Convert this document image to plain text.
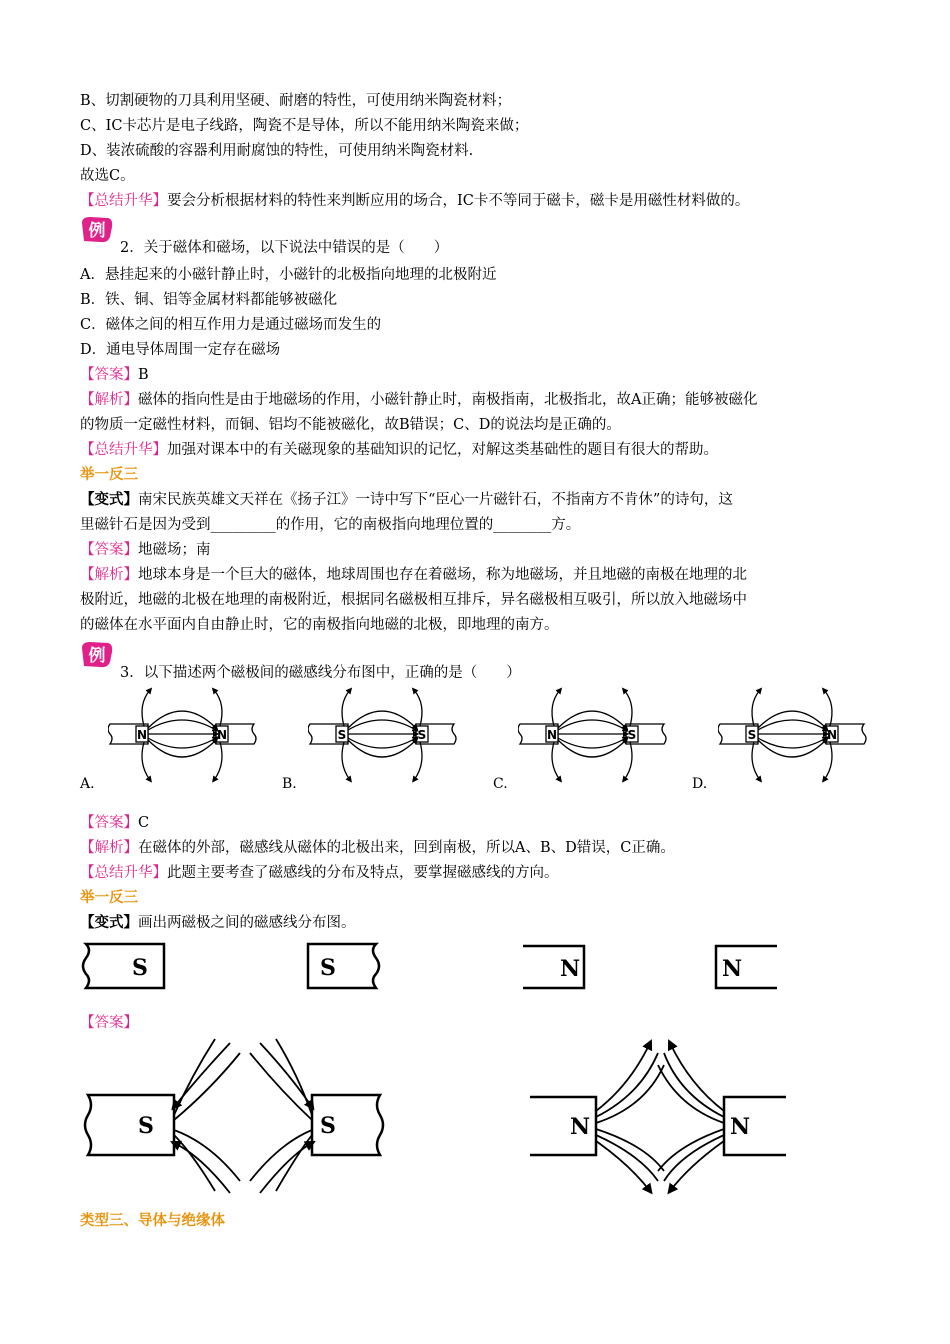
B、切割硬物的刀具利用坚硬、耐磨的特性，可使用纳米陶瓷材料；
C、IC卡芯片是电子线路，陶瓷不是导体，所以不能用纳米陶瓷来做；
D、装浓硫酸的容器利用耐腐蚀的特性，可使用纳米陶瓷材料.
故选C。
【总结升华】要会分析根据材料的特性来判断应用的场合，IC卡不等同于磁卡，磁卡是用磁性材料做的。
例
2．关于磁体和磁场，以下说法中错误的是（　　）
A．悬挂起来的小磁针静止时，小磁针的北极指向地理的北极附近
B．铁、铜、铝等金属材料都能够被磁化
C．磁体之间的相互作用力是通过磁场而发生的
D．通电导体周围一定存在磁场
【答案】B
【解析】磁体的指向性是由于地磁场的作用，小磁针静止时，南极指南，北极指北，故A正确；能够被磁化
的物质一定磁性材料，而铜、铝均不能被磁化，故B错误；C、D的说法均是正确的。
【总结升华】加强对课本中的有关磁现象的基础知识的记忆，对解这类基础性的题目有很大的帮助。
举一反三
【变式】南宋民族英雄文天祥在《扬子江》一诗中写下“臣心一片磁针石，不指南方不肯休”的诗句，这
里磁针石是因为受到_________的作用，它的南极指向地理位置的________方。
【答案】地磁场；南
【解析】地球本身是一个巨大的磁体，地球周围也存在着磁场，称为地磁场，并且地磁的南极在地理的北
极附近，地磁的北极在地理的南极附近，根据同名磁极相互排斥，异名磁极相互吸引，所以放入地磁场中
的磁体在水平面内自由静止时，它的南极指向地磁的北极，即地理的南方。
例
3．以下描述两个磁极间的磁感线分布图中，正确的是（　　）
N	N
A.
S	S
B.
N	S
C.
S	N
D.
【答案】C
【解析】在磁体的外部，磁感线从磁体的北极出来，回到南极，所以A、B、D错误，C正确。
【总结升华】此题主要考查了磁感线的分布及特点，要掌握磁感线的方向。
举一反三
【变式】画出两磁极之间的磁感线分布图。
S	S	N	N
【答案】
S	S	N	N
类型三、导体与绝缘体
